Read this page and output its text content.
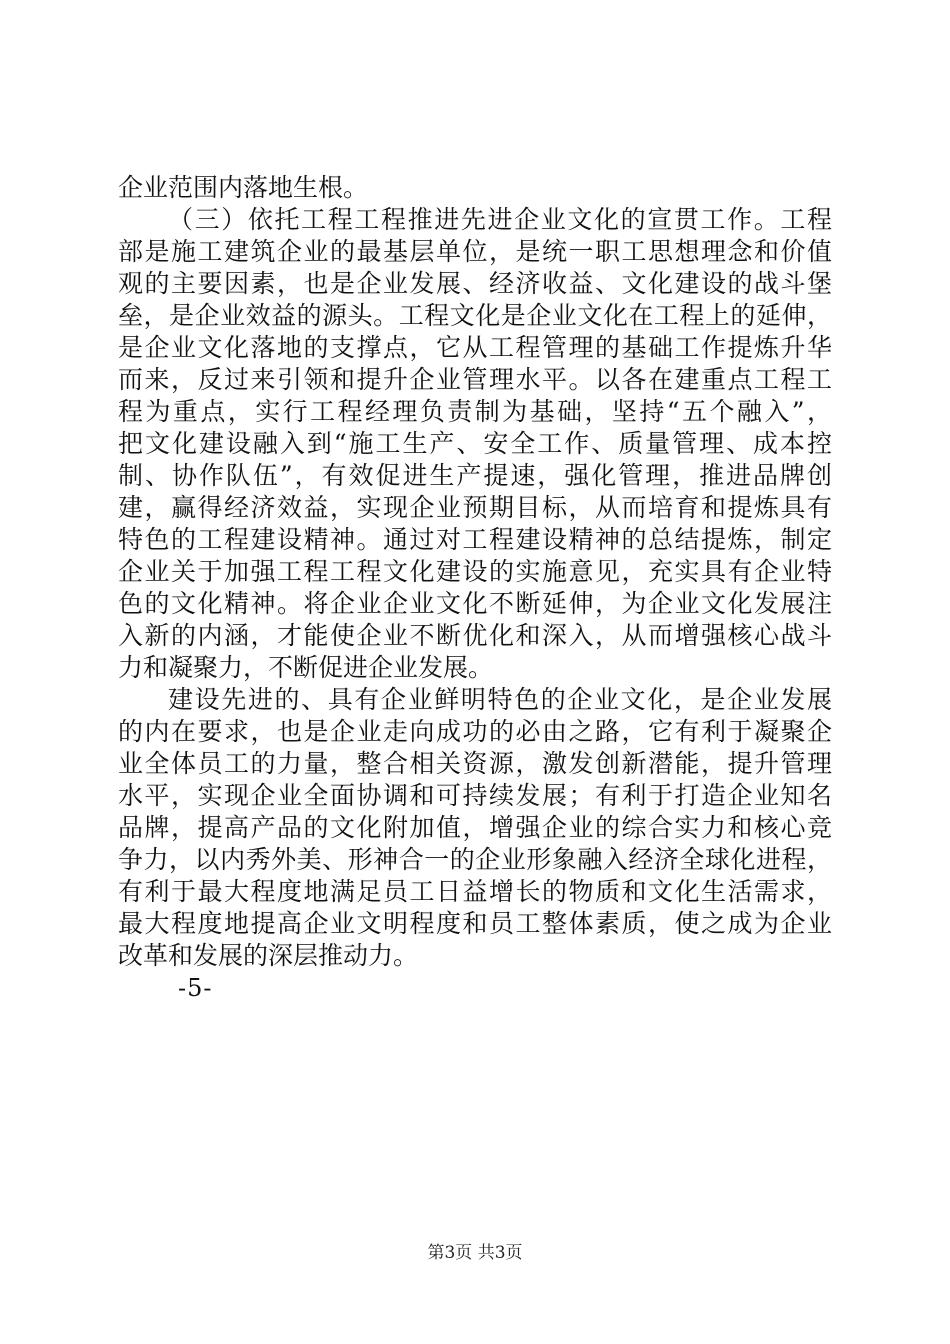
企业范围内落地生根。
（三）依托工程工程推进先进企业文化的宣贯工作。工程
部是施工建筑企业的最基层单位，是统一职工思想理念和价值
观的主要因素，也是企业发展、经济收益、文化建设的战斗堡
垒，是企业效益的源头。工程文化是企业文化在工程上的延伸，
是企业文化落地的支撑点，它从工程管理的基础工作提炼升华
而来，反过来引领和提升企业管理水平。以各在建重点工程工
程为重点，实行工程经理负责制为基础，坚持“五个融入”，
把文化建设融入到“施工生产、安全工作、质量管理、成本控
制、协作队伍”，有效促进生产提速，强化管理，推进品牌创
建，赢得经济效益，实现企业预期目标，从而培育和提炼具有
特色的工程建设精神。通过对工程建设精神的总结提炼，制定
企业关于加强工程工程文化建设的实施意见，充实具有企业特
色的文化精神。将企业企业文化不断延伸，为企业文化发展注
入新的内涵，才能使企业不断优化和深入，从而增强核心战斗
力和凝聚力，不断促进企业发展。
建设先进的、具有企业鲜明特色的企业文化，是企业发展
的内在要求，也是企业走向成功的必由之路，它有利于凝聚企
业全体员工的力量，整合相关资源，激发创新潜能，提升管理
水平，实现企业全面协调和可持续发展；有利于打造企业知名
品牌，提高产品的文化附加值，增强企业的综合实力和核心竞
争力，以内秀外美、形神合一的企业形象融入经济全球化进程，
有利于最大程度地满足员工日益增长的物质和文化生活需求，
最大程度地提高企业文明程度和员工整体素质，使之成为企业
改革和发展的深层推动力。
-5-
第3页 共3页
